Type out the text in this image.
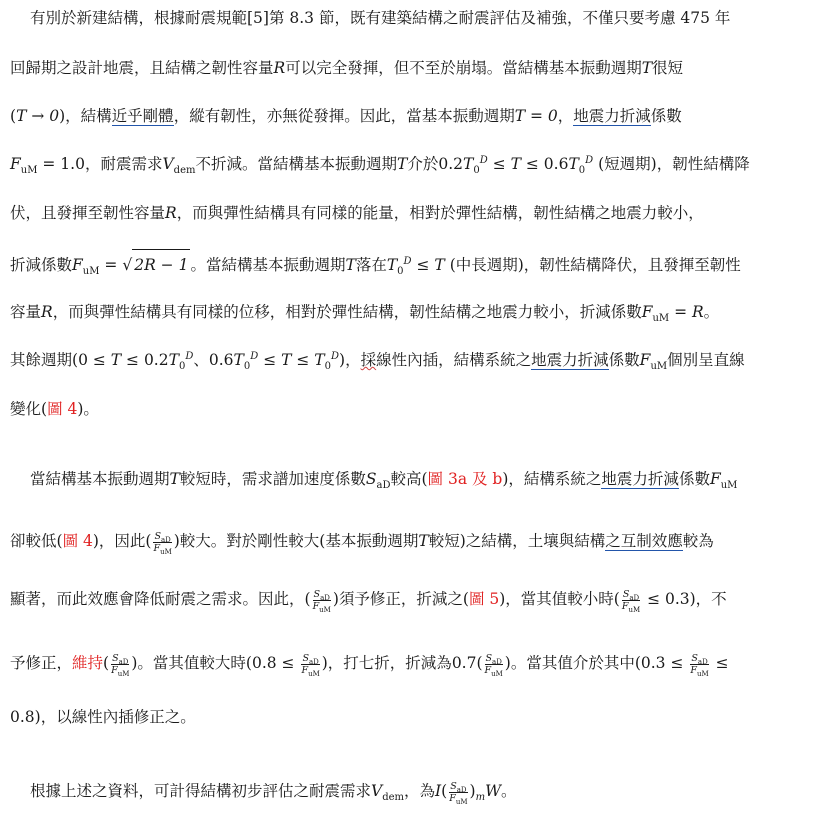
有別於新建結構，根據耐震規範[5]第 8.3 節，既有建築結構之耐震評估及補強，不僅只要考慮 475 年
回歸期之設計地震，且結構之韌性容量R可以完全發揮，但不至於崩塌。當結構基本振動週期T很短
(T → 0)，結構近乎剛體，縱有韌性，亦無從發揮。因此，當基本振動週期T = 0，地震力折減係數
$F_{uM} = 1.0$，耐震需求$V_{dem}$不折減。當結構基本振動週期T介於$0.2T_0^D \le T \le 0.6T_0^D$ (短週期)，韌性結構降
伏，且發揮至韌性容量R，而與彈性結構具有同樣的能量，相對於彈性結構，韌性結構之地震力較小，
折減係數$F_{uM}$ = √ 2R − 1 。當結構基本振動週期T落在$T_0^D \le T$ (中長週期)，韌性結構降伏，且發揮至韌性
容量R，而與彈性結構具有同樣的位移，相對於彈性結構，韌性結構之地震力較小，折減係數$F_{uM} = R$。
其餘週期($0 \le T \le 0.2T_0^D$、$0.6T_0^D \le T \le T_0^D$)，採線性內插，結構系統之地震力折減係數$F_{uM}$個別呈直線
變化( 圖 4 )。
當結構基本振動週期T較短時，需求譜加速度係數$S_{aD}$較高(圖 3a 及 b)，結構系統之地震力折減係數$F_{uM}$
卻較低(圖 4)，因此( $\frac{S_{aD}}{F_{uM}}$ )較大。對於剛性較大(基本振動週期T較短)之結構，土壤與結構之互制效應較為
顯著，而此效應會降低耐震之需求。因此，( $\frac{S_{aD}}{F_{uM}}$ )須予修正，折減之(圖 5)，當其值較小時( $\frac{S_{aD}}{F_{uM}} \le 0.3$)，不
予修正，維持( $\frac{S_{aD}}{F_{uM}}$ )。當其值較大時($0.8 \le \frac{S_{aD}}{F_{uM}}$ )，打七折，折減為$0.7( \frac{S_{aD}}{F_{uM}}$ )。當其值介於其中($0.3 \le \frac{S_{aD}}{F_{uM}}$ ≤
0.8)，以線性內插修正之。
根據上述之資料，可計得結構初步評估之耐震需求$V_{dem}$，為$I( \frac{S_{aD}}{F_{uM}} )_mW$。
